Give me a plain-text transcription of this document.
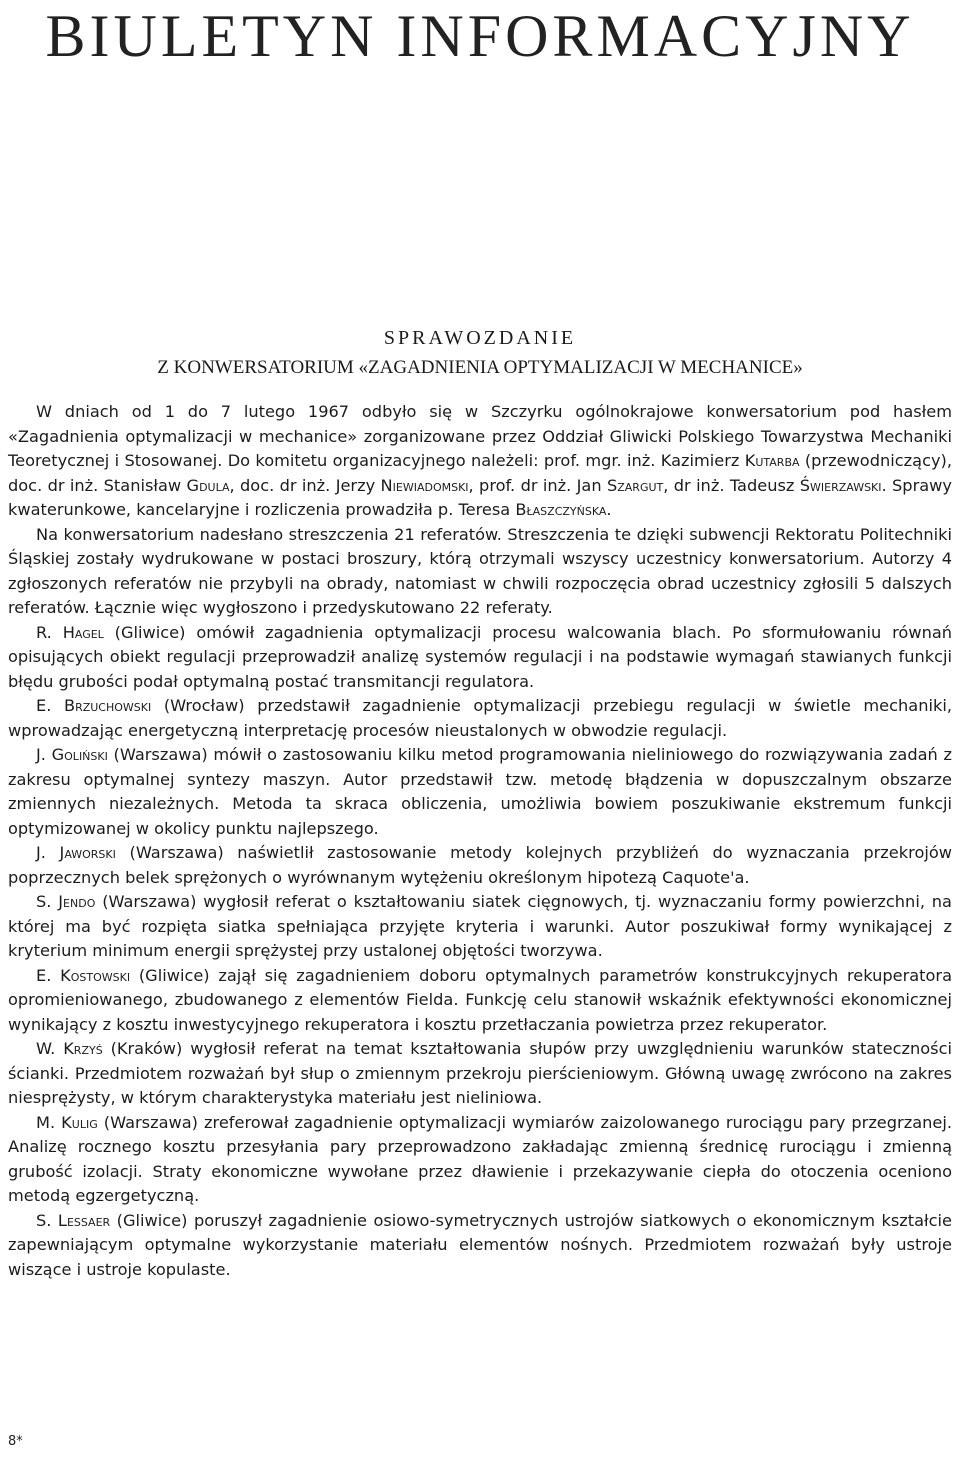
BIULETYN INFORMACYJNY
SPRAWOZDANIE
Z KONWERSATORIUM «ZAGADNIENIA OPTYMALIZACJI W MECHANICE»

W dniach od 1 do 7 lutego 1967 odbyło się w Szczyrku ogólnokrajowe konwersatorium pod hasłem «Zagadnienia optymalizacji w mechanice» zorganizowane przez Oddział Gliwicki Polskiego Towarzystwa Mechaniki Teoretycznej i Stosowanej. Do komitetu organizacyjnego należeli: prof. mgr. inż. Kazimierz Kutarba (przewodniczący), doc. dr inż. Stanisław Gdula, doc. dr inż. Jerzy Niewiadomski, prof. dr inż. Jan Szargut, dr inż. Tadeusz Świerzawski. Sprawy kwaterunkowe, kancelaryjne i rozliczenia prowadziła p. Teresa Błaszczyńska.

Na konwersatorium nadesłano streszczenia 21 referatów. Streszczenia te dzięki subwencji Rektoratu Politechniki Śląskiej zostały wydrukowane w postaci broszury, którą otrzymali wszyscy uczestnicy konwersatorium. Autorzy 4 zgłoszonych referatów nie przybyli na obrady, natomiast w chwili rozpoczęcia obrad uczestnicy zgłosili 5 dalszych referatów. Łącznie więc wygłoszono i przedyskutowano 22 referaty.

R. Hagel (Gliwice) omówił zagadnienia optymalizacji procesu walcowania blach. Po sformułowaniu równań opisujących obiekt regulacji przeprowadził analizę systemów regulacji i na podstawie wymagań stawianych funkcji błędu grubości podał optymalną postać transmitancji regulatora.

E. Brzuchowski (Wrocław) przedstawił zagadnienie optymalizacji przebiegu regulacji w świetle mechaniki, wprowadzając energetyczną interpretację procesów nieustalonych w obwodzie regulacji.

J. Goliński (Warszawa) mówił o zastosowaniu kilku metod programowania nieliniowego do rozwiązywania zadań z zakresu optymalnej syntezy maszyn. Autor przedstawił tzw. metodę błądzenia w dopuszczalnym obszarze zmiennych niezależnych. Metoda ta skraca obliczenia, umożliwia bowiem poszukiwanie ekstremum funkcji optymizowanej w okolicy punktu najlepszego.

J. Jaworski (Warszawa) naświetlił zastosowanie metody kolejnych przybliżeń do wyznaczania przekrojów poprzecznych belek sprężonych o wyrównanym wytężeniu określonym hipotezą Caquote'a.

S. Jendo (Warszawa) wygłosił referat o kształtowaniu siatek cięgnowych, tj. wyznaczaniu formy powierzchni, na której ma być rozpięta siatka spełniająca przyjęte kryteria i warunki. Autor poszukiwał formy wynikającej z kryterium minimum energii sprężystej przy ustalonej objętości tworzywa.

E. Kostowski (Gliwice) zajął się zagadnieniem doboru optymalnych parametrów konstrukcyjnych rekuperatora opromieniowanego, zbudowanego z elementów Fielda. Funkcję celu stanowił wskaźnik efektywności ekonomicznej wynikający z kosztu inwestycyjnego rekuperatora i kosztu przetłaczania powietrza przez rekuperator.

W. Krzyś (Kraków) wygłosił referat na temat kształtowania słupów przy uwzględnieniu warunków stateczności ścianki. Przedmiotem rozważań był słup o zmiennym przekroju pierścieniowym. Główną uwagę zwrócono na zakres niesprężysty, w którym charakterystyka materiału jest nieliniowa.

M. Kulig (Warszawa) zreferował zagadnienie optymalizacji wymiarów zaizolowanego rurociągu pary przegrzanej. Analizę rocznego kosztu przesyłania pary przeprowadzono zakładając zmienną średnicę rurociągu i zmienną grubość izolacji. Straty ekonomiczne wywołane przez dławienie i przekazywanie ciepła do otoczenia oceniono metodą egzergetyczną.

S. Lessaer (Gliwice) poruszył zagadnienie osiowo-symetrycznych ustrojów siatkowych o ekonomicznym kształcie zapewniającym optymalne wykorzystanie materiału elementów nośnych. Przedmiotem rozważań były ustroje wiszące i ustroje kopulaste.

8*
